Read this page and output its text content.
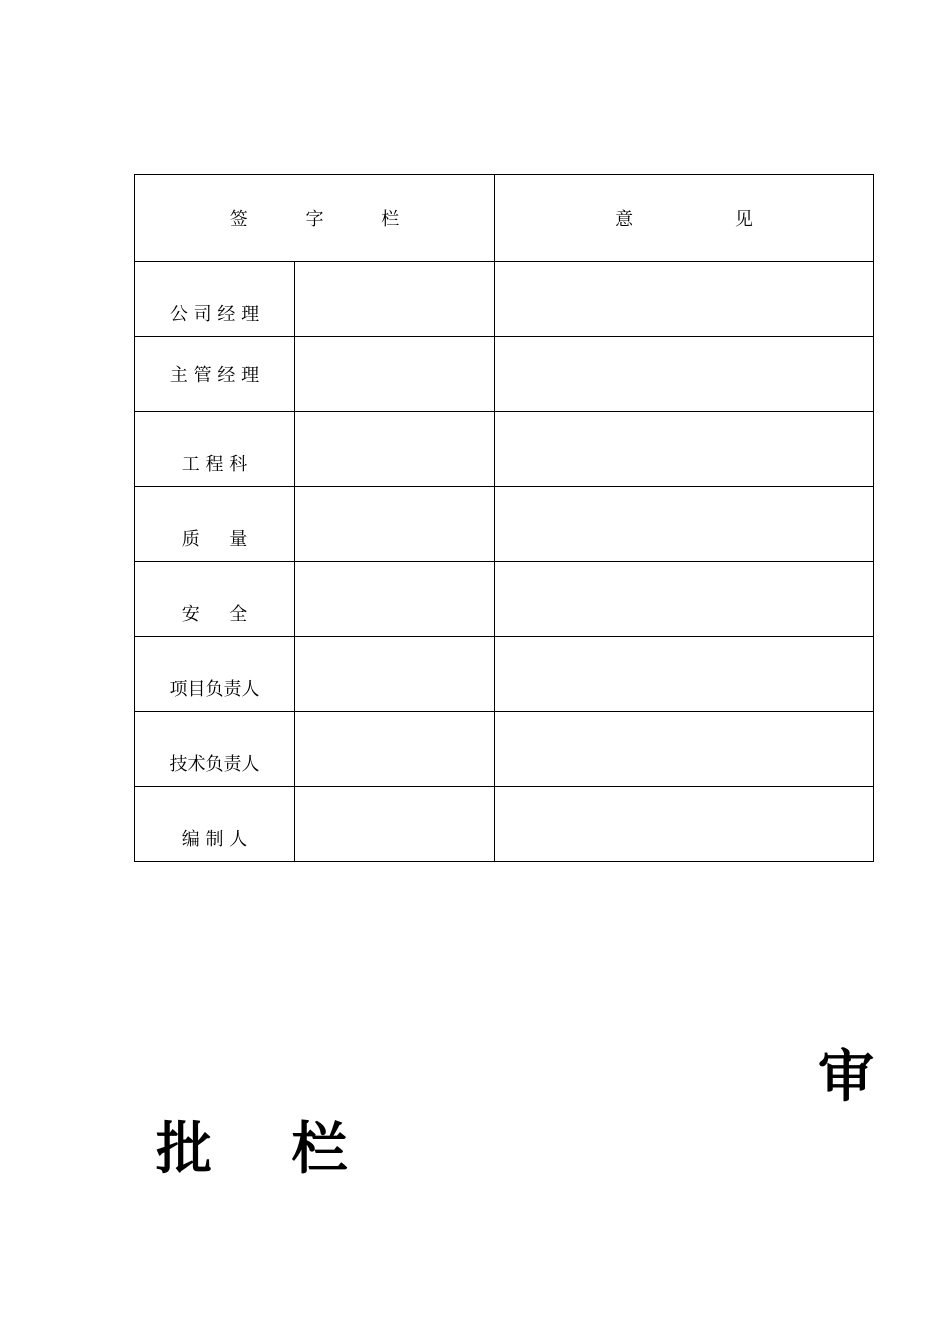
签 字 栏		意 见
公 司 经 理		
主 管 经 理		
工 程 科		
质 　 量		
安 　 全		
项目负责人		
技术负责人		
编 制 人		
审
批 栏
